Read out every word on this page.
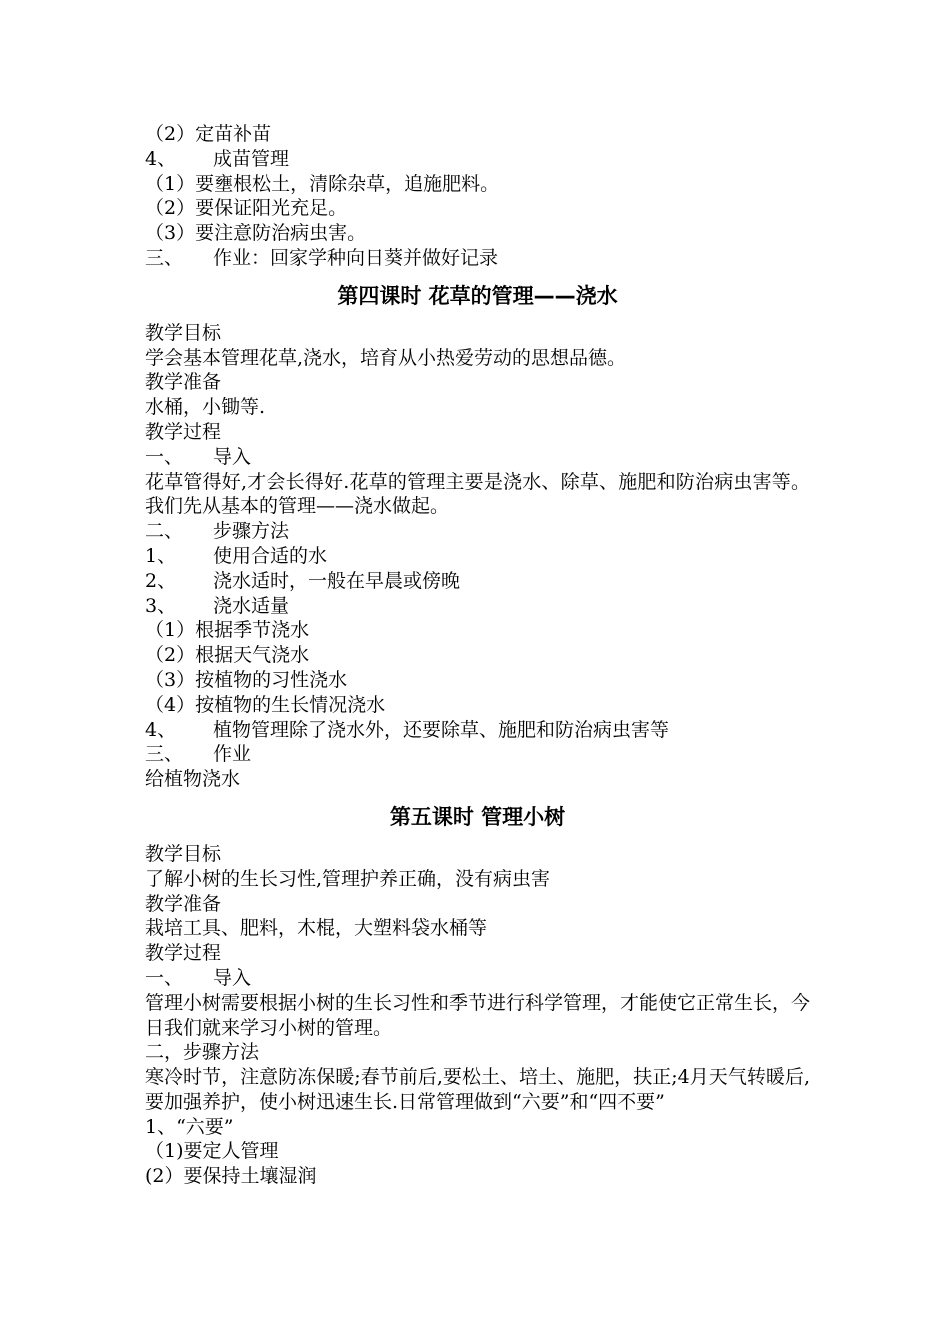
（2）定苗补苗
4、 成苗管理
（1）要壅根松土，清除杂草，追施肥料。
（2）要保证阳光充足。
（3）要注意防治病虫害。
三、 作业：回家学种向日葵并做好记录
第四课时 花草的管理——浇水
教学目标
学会基本管理花草,浇水，培育从小热爱劳动的思想品德。
教学准备
水桶，小锄等.
教学过程
一、 导入
花草管得好,才会长得好.花草的管理主要是浇水、除草、施肥和防治病虫害等。我们先从基本的管理——浇水做起。
二、 步骤方法
1、 使用合适的水
2、 浇水适时，一般在早晨或傍晚
3、 浇水适量
（1）根据季节浇水
（2）根据天气浇水
（3）按植物的习性浇水
（4）按植物的生长情况浇水
4、 植物管理除了浇水外，还要除草、施肥和防治病虫害等
三、 作业
给植物浇水
第五课时 管理小树
教学目标
了解小树的生长习性,管理护养正确，没有病虫害
教学准备
栽培工具、肥料，木棍，大塑料袋水桶等
教学过程
一、 导入
管理小树需要根据小树的生长习性和季节进行科学管理，才能使它正常生长，今日我们就来学习小树的管理。
二，步骤方法
寒冷时节，注意防冻保暖;春节前后,要松土、培土、施肥，扶正;4月天气转暖后,要加强养护，使小树迅速生长.日常管理做到“六要”和“四不要”
1、“六要”
（1)要定人管理
(2）要保持土壤湿润
